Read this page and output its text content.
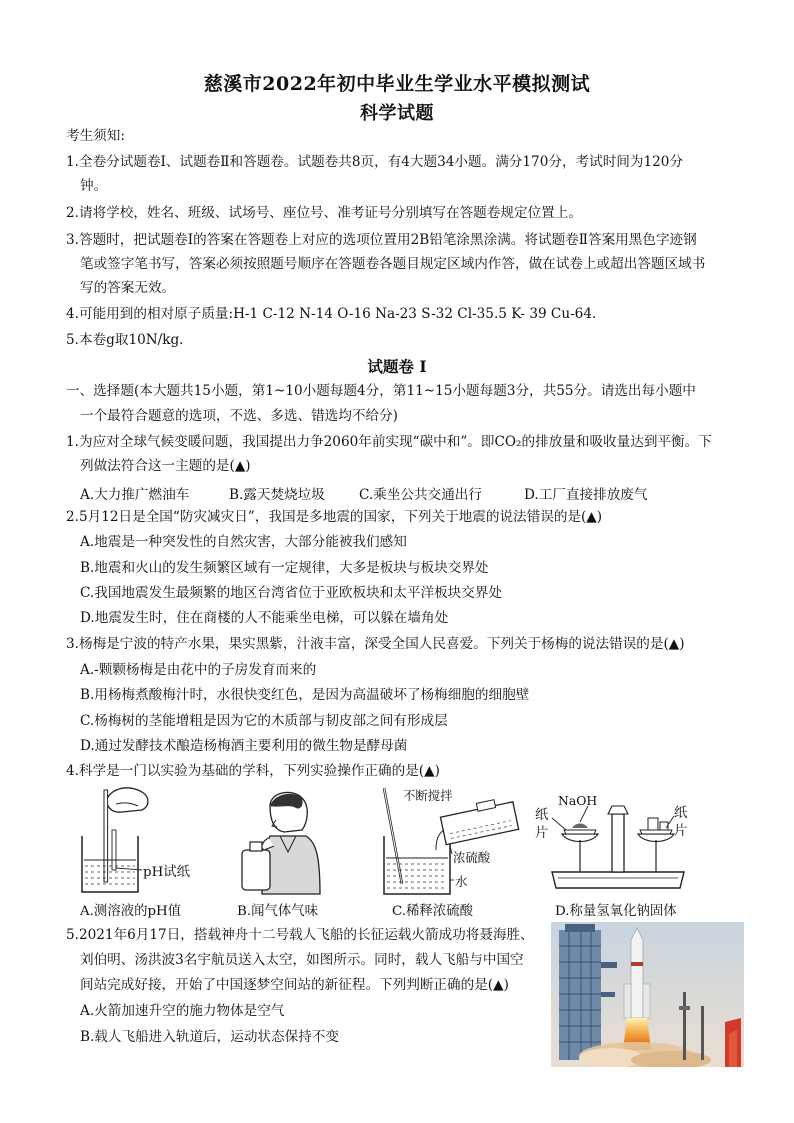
慈溪市2022年初中毕业生学业水平模拟测试
科学试题
考生须知:
1.全卷分试题卷Ⅰ、试题卷Ⅱ和答题卷。试题卷共8页，有4大题34小题。满分170分，考试时间为120分
钟。
2.请将学校，姓名、班级、试场号、座位号、准考证号分别填写在答题卷规定位置上。
3.答题时，把试题卷Ⅰ的答案在答题卷上对应的选项位置用2B铅笔涂黑涂满。将试题卷Ⅱ答案用黑色字迹钢
笔或签字笔书写，答案必须按照题号顺序在答题卷各题目规定区域内作答，做在试卷上或超出答题区域书
写的答案无效。
4.可能用到的相对原子质量:H-1 C-12 N-14 O-16 Na-23 S-32 Cl-35.5 K- 39 Cu-64.
5.本卷g取10N/kg.
试题卷 I
一、选择题(本大题共15小题，第1~10小题每题4分，第11~15小题每题3分，共55分。请选出每小题中
一个最符合题意的选项，不选、多选、错选均不给分)
1.为应对全球气候变暖问题，我国提出力争2060年前实现“碳中和”。即CO₂的排放量和吸收量达到平衡。下
列做法符合这一主题的是(▲)
A.大力推广燃油车	B.露天焚烧垃圾	C.乘坐公共交通出行	D.工厂直接排放废气
2.5月12日是全国“防灾减灾日”，我国是多地震的国家，下列关于地震的说法错误的是(▲)
A.地震是一种突发性的自然灾害，大部分能被我们感知
B.地震和火山的发生频繁区域有一定规律，大多是板块与板块交界处
C.我国地震发生最频繁的地区台湾省位于亚欧板块和太平洋板块交界处
D.地震发生时，住在商楼的人不能乘坐电梯，可以躲在墙角处
3.杨梅是宁波的特产水果，果实黑紫，汁液丰富，深受全国人民喜爱。下列关于杨梅的说法错误的是(▲)
A.-颗颗杨梅是由花中的子房发育而来的
B.用杨梅煮酸梅汁时，水很快变红色，是因为高温破坏了杨梅细胞的细胞壁
C.杨梅树的茎能增粗是因为它的木质部与韧皮部之间有形成层
D.通过发酵技术酿造杨梅酒主要利用的微生物是酵母菌
4.科学是一门以实验为基础的学科，下列实验操作正确的是(▲)
pH试纸
不断搅拌
浓硫酸
水
纸
片
NaOH
纸
片
A.测溶液的pH值	B.闻气体气味	C.稀释浓硫酸	D.称量氢氧化钠固体
5.2021年6月17日，搭载神舟十二号载人飞船的长征运载火箭成功将聂海胜、
刘伯明、汤洪波3名宇航员送入太空，如图所示。同时，载人飞船与中国空
间站完成好接，开始了中国逐梦空间站的新征程。下列判断正确的是(▲)
A.火箭加速升空的施力物体是空气
B.载人飞船进入轨道后，运动状态保持不变
